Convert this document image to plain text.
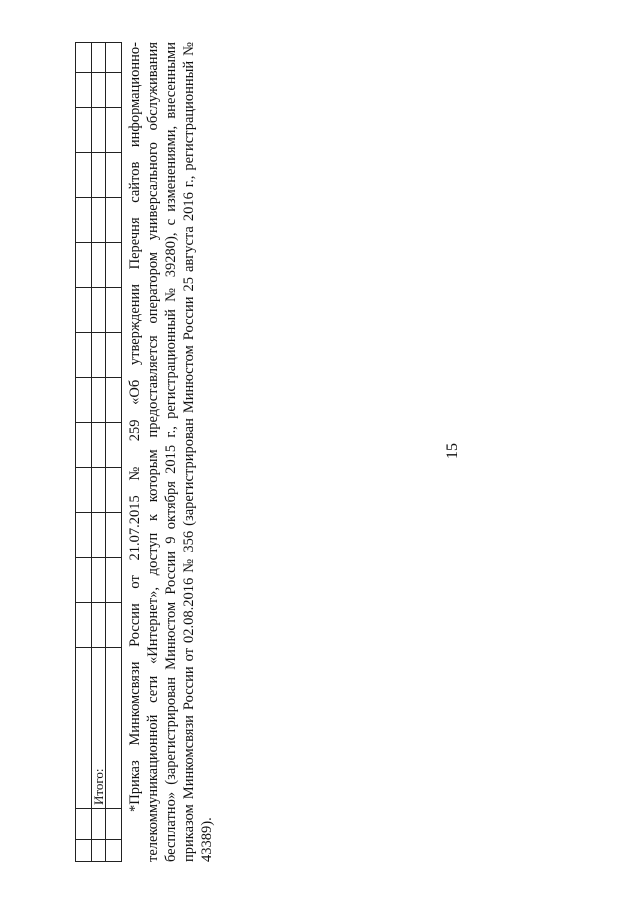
15
Итого: *Приказ Минкомсвязи России от 21.07.2015 № 259 «Об утверждении Перечня сайтов информационно-телекоммуникационной сети «Интернет», доступ к которым предоставляется оператором универсального обслуживания бесплатно» (зарегистрирован Минюстом России 9 октября 2015 г., регистрационный № 39280), с изменениями, внесенными приказом Минкомсвязи России от 02.08.2016 № 356 (зарегистрирован Минюстом России 25 августа 2016 г., регистрационный № 43389).
